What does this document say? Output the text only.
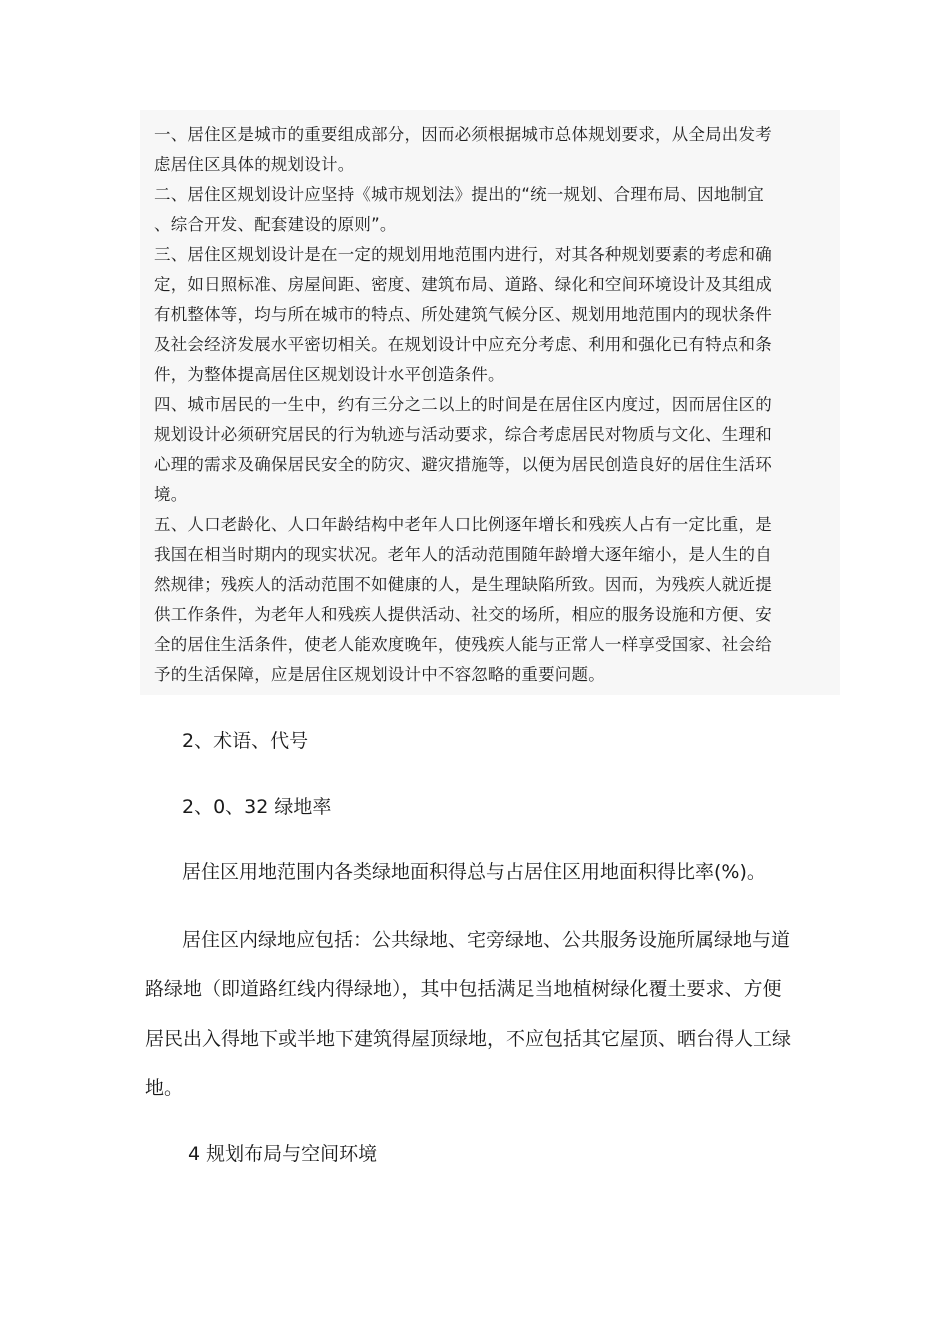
一、居住区是城市的重要组成部分，因而必须根据城市总体规划要求，从全局出发考
虑居住区具体的规划设计。
二、居住区规划设计应坚持《城市规划法》提出的“统一规划、合理布局、因地制宜
、综合开发、配套建设的原则”。
三、居住区规划设计是在一定的规划用地范围内进行，对其各种规划要素的考虑和确
定，如日照标准、房屋间距、密度、建筑布局、道路、绿化和空间环境设计及其组成
有机整体等，均与所在城市的特点、所处建筑气候分区、规划用地范围内的现状条件
及社会经济发展水平密切相关。在规划设计中应充分考虑、利用和强化已有特点和条
件，为整体提高居住区规划设计水平创造条件。
四、城市居民的一生中，约有三分之二以上的时间是在居住区内度过，因而居住区的
规划设计必须研究居民的行为轨迹与活动要求，综合考虑居民对物质与文化、生理和
心理的需求及确保居民安全的防灾、避灾措施等，以便为居民创造良好的居住生活环
境。
五、人口老龄化、人口年龄结构中老年人口比例逐年增长和残疾人占有一定比重，是
我国在相当时期内的现实状况。老年人的活动范围随年龄增大逐年缩小，是人生的自
然规律；残疾人的活动范围不如健康的人，是生理缺陷所致。因而，为残疾人就近提
供工作条件，为老年人和残疾人提供活动、社交的场所，相应的服务设施和方便、安
全的居住生活条件，使老人能欢度晚年，使残疾人能与正常人一样享受国家、社会给
予的生活保障，应是居住区规划设计中不容忽略的重要问题。
2、术语、代号
2、0、32 绿地率
居住区用地范围内各类绿地面积得总与占居住区用地面积得比率(%)。
居住区内绿地应包括：公共绿地、宅旁绿地、公共服务设施所属绿地与道
路绿地（即道路红线内得绿地），其中包括满足当地植树绿化覆土要求、方便
居民出入得地下或半地下建筑得屋顶绿地，不应包括其它屋顶、晒台得人工绿
地。
4 规划布局与空间环境
